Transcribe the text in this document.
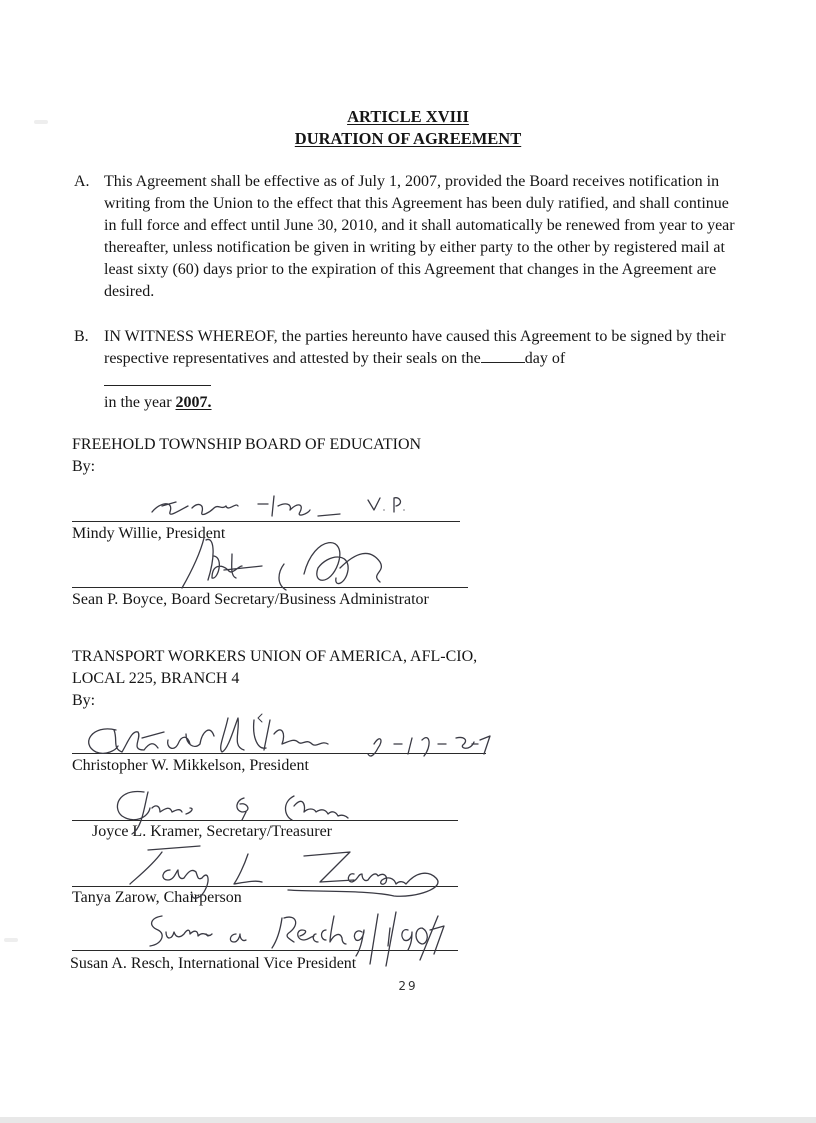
ARTICLE XVIII
DURATION OF AGREEMENT
A. This Agreement shall be effective as of July 1, 2007, provided the Board receives notification in writing from the Union to the effect that this Agreement has been duly ratified, and shall continue in full force and effect until June 30, 2010, and it shall automatically be renewed from year to year thereafter, unless notification be given in writing by either party to the other by registered mail at least sixty (60) days prior to the expiration of this Agreement that changes in the Agreement are desired.
B. IN WITNESS WHEREOF, the parties hereunto have caused this Agreement to be signed by their respective representatives and attested by their seals on the	day of
in the year 2007.
FREEHOLD TOWNSHIP BOARD OF EDUCATION
By:
Mindy Willie, President
Sean P. Boyce, Board Secretary/Business Administrator
TRANSPORT WORKERS UNION OF AMERICA, AFL-CIO,
LOCAL 225, BRANCH 4
By:
Christopher W. Mikkelson, President
Joyce L. Kramer, Secretary/Treasurer
Tanya Zarow, Chairperson
Susan A. Resch, International Vice President
29
